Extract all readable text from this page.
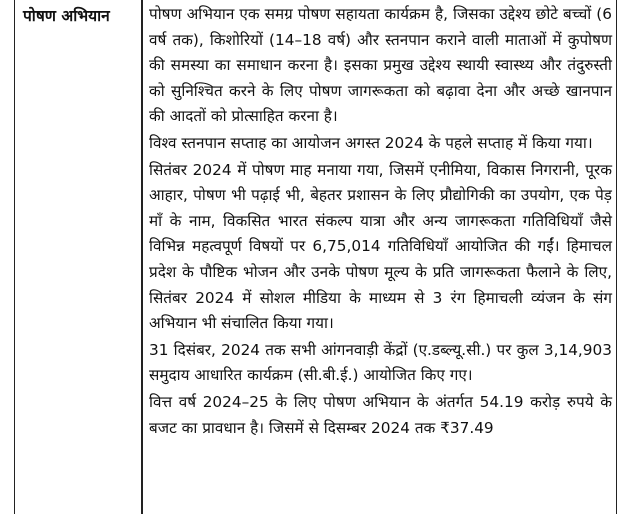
पोषण अभियान	पोषण अभियान एक समग्र पोषण सहायता कार्यक्रम है, जिसका उद्देश्य छोटे बच्चों (6 वर्ष तक), किशोरियों (14–18 वर्ष) और स्तनपान कराने वाली माताओं में कुपोषण की समस्या का समाधान करना है। इसका प्रमुख उद्देश्य स्थायी स्वास्थ्य और तंदुरुस्ती को सुनिश्चित करने के लिए पोषण जागरूकता को बढ़ावा देना और अच्छे खानपान की आदतों को प्रोत्साहित करना है।

विश्व स्तनपान सप्ताह का आयोजन अगस्त 2024 के पहले सप्ताह में किया गया।

सितंबर 2024 में पोषण माह मनाया गया, जिसमें एनीमिया, विकास निगरानी, पूरक आहार, पोषण भी पढ़ाई भी, बेहतर प्रशासन के लिए प्रौद्योगिकी का उपयोग, एक पेड़ माँ के नाम, विकसित भारत संकल्प यात्रा और अन्य जागरूकता गतिविधियाँ जैसे विभिन्न महत्वपूर्ण विषयों पर 6,75,014 गतिविधियाँ आयोजित की गईं। हिमाचल प्रदेश के पौष्टिक भोजन और उनके पोषण मूल्य के प्रति जागरूकता फैलाने के लिए, सितंबर 2024 में सोशल मीडिया के माध्यम से 3 रंग हिमाचली व्यंजन के संग अभियान भी संचालित किया गया।

31 दिसंबर, 2024 तक सभी आंगनवाड़ी केंद्रों (ए.डब्ल्यू.सी.) पर कुल 3,14,903 समुदाय आधारित कार्यक्रम (सी.बी.ई.) आयोजित किए गए।

वित्त वर्ष 2024–25 के लिए पोषण अभियान के अंतर्गत 54.19 करोड़ रुपये के बजट का प्रावधान है। जिसमें से दिसम्बर 2024 तक ₹37.49
